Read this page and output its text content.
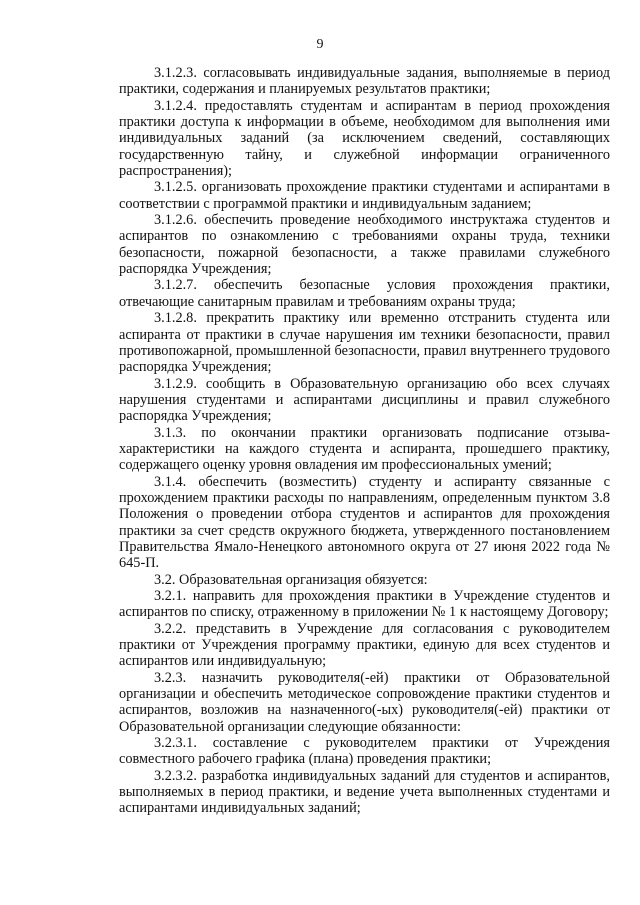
9

3.1.2.3. согласовывать индивидуальные задания, выполняемые в период практики, содержания и планируемых результатов практики;

3.1.2.4. предоставлять студентам и аспирантам в период прохождения практики доступа к информации в объеме, необходимом для выполнения ими индивидуальных заданий (за исключением сведений, составляющих государственную тайну, и служебной информации ограниченного распространения);

3.1.2.5. организовать прохождение практики студентами и аспирантами в соответствии с программой практики и индивидуальным заданием;

3.1.2.6. обеспечить проведение необходимого инструктажа студентов и аспирантов по ознакомлению с требованиями охраны труда, техники безопасности, пожарной безопасности, а также правилами служебного распорядка Учреждения;

3.1.2.7. обеспечить безопасные условия прохождения практики, отвечающие санитарным правилам и требованиям охраны труда;

3.1.2.8. прекратить практику или временно отстранить студента или аспиранта от практики в случае нарушения им техники безопасности, правил противопожарной, промышленной безопасности, правил внутреннего трудового распорядка Учреждения;

3.1.2.9. сообщить в Образовательную организацию обо всех случаях нарушения студентами и аспирантами дисциплины и правил служебного распорядка Учреждения;

3.1.3. по окончании практики организовать подписание отзыва-характеристики на каждого студента и аспиранта, прошедшего практику, содержащего оценку уровня овладения им профессиональных умений;

3.1.4. обеспечить (возместить) студенту и аспиранту связанные с прохождением практики расходы по направлениям, определенным пунктом 3.8 Положения о проведении отбора студентов и аспирантов для прохождения практики за счет средств окружного бюджета, утвержденного постановлением Правительства Ямало-Ненецкого автономного округа от 27 июня 2022 года № 645-П.

3.2. Образовательная организация обязуется:

3.2.1. направить для прохождения практики в Учреждение студентов и аспирантов по списку, отраженному в приложении № 1 к настоящему Договору;

3.2.2. представить в Учреждение для согласования с руководителем практики от Учреждения программу практики, единую для всех студентов и аспирантов или индивидуальную;

3.2.3. назначить руководителя(-ей) практики от Образовательной организации и обеспечить методическое сопровождение практики студентов и аспирантов, возложив на назначенного(-ых) руководителя(-ей) практики от Образовательной организации следующие обязанности:

3.2.3.1. составление с руководителем практики от Учреждения совместного рабочего графика (плана) проведения практики;

3.2.3.2. разработка индивидуальных заданий для студентов и аспирантов, выполняемых в период практики, и ведение учета выполненных студентами и аспирантами индивидуальных заданий;
